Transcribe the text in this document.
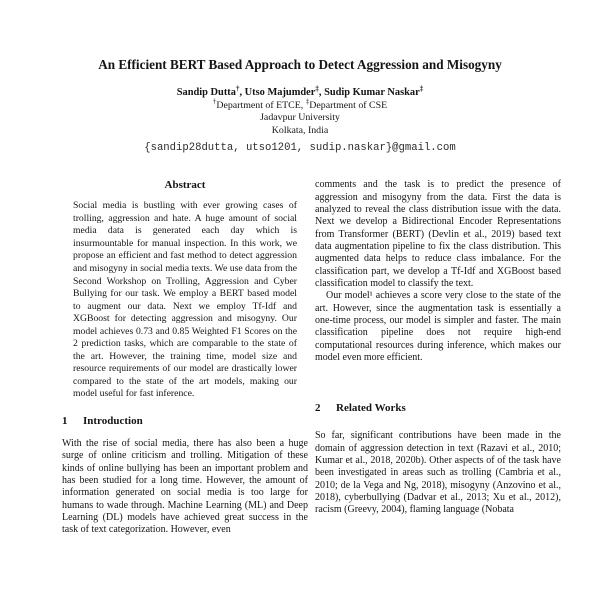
An Efficient BERT Based Approach to Detect Aggression and Misogyny
Sandip Dutta†, Utso Majumder‡, Sudip Kumar Naskar‡
†Department of ETCE, ‡Department of CSE
Jadavpur University
Kolkata, India
{sandip28dutta, utso1201, sudip.naskar}@gmail.com
Abstract
Social media is bustling with ever growing cases of trolling, aggression and hate. A huge amount of social media data is generated each day which is insurmountable for manual inspection. In this work, we propose an efficient and fast method to detect aggression and misogyny in social media texts. We use data from the Second Workshop on Trolling, Aggression and Cyber Bullying for our task. We employ a BERT based model to augment our data. Next we employ Tf-Idf and XGBoost for detecting aggression and misogyny. Our model achieves 0.73 and 0.85 Weighted F1 Scores on the 2 prediction tasks, which are comparable to the state of the art. However, the training time, model size and resource requirements of our model are drastically lower compared to the state of the art models, making our model useful for fast inference.
1 Introduction
With the rise of social media, there has also been a huge surge of online criticism and trolling. Mitigation of these kinds of online bullying has been an important problem and has been studied for a long time. However, the amount of information generated on social media is too large for humans to wade through. Machine Learning (ML) and Deep Learning (DL) models have achieved great success in the task of text categorization. However, even
comments and the task is to predict the presence of aggression and misogyny from the data. First the data is analyzed to reveal the class distribution issue with the data. Next we develop a Bidirectional Encoder Representations from Transformer (BERT) (Devlin et al., 2019) based text data augmentation pipeline to fix the class distribution. This augmented data helps to reduce class imbalance. For the classification part, we develop a Tf-Idf and XGBoost based classification model to classify the text.
Our model¹ achieves a score very close to the state of the art. However, since the augmentation task is essentially a one-time process, our model is simpler and faster. The main classification pipeline does not require high-end computational resources during inference, which makes our model even more efficient.
2 Related Works
So far, significant contributions have been made in the domain of aggression detection in text (Razavi et al., 2010; Kumar et al., 2018, 2020b). Other aspects of of the task have been investigated in areas such as trolling (Cambria et al., 2010; de la Vega and Ng, 2018), misogyny (Anzovino et al., 2018), cyberbullying (Dadvar et al., 2013; Xu et al., 2012), racism (Greevy, 2004), flaming language (Nobata
